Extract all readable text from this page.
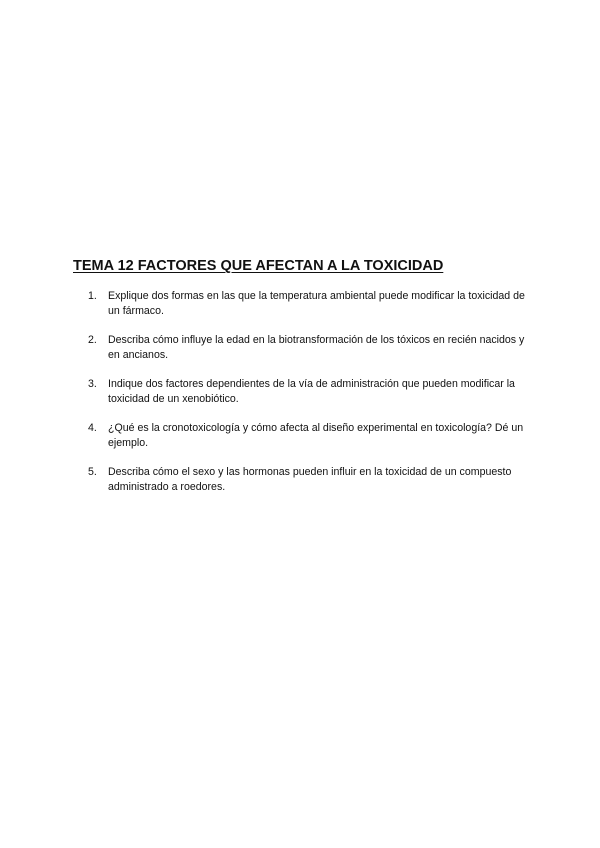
TEMA 12 FACTORES QUE AFECTAN A LA TOXICIDAD
1. Explique dos formas en las que la temperatura ambiental puede modificar la toxicidad de un fármaco.
2. Describa cómo influye la edad en la biotransformación de los tóxicos en recién nacidos y en ancianos.
3. Indique dos factores dependientes de la vía de administración que pueden modificar la toxicidad de un xenobiótico.
4. ¿Qué es la cronotoxicología y cómo afecta al diseño experimental en toxicología? Dé un ejemplo.
5. Describa cómo el sexo y las hormonas pueden influir en la toxicidad de un compuesto administrado a roedores.
